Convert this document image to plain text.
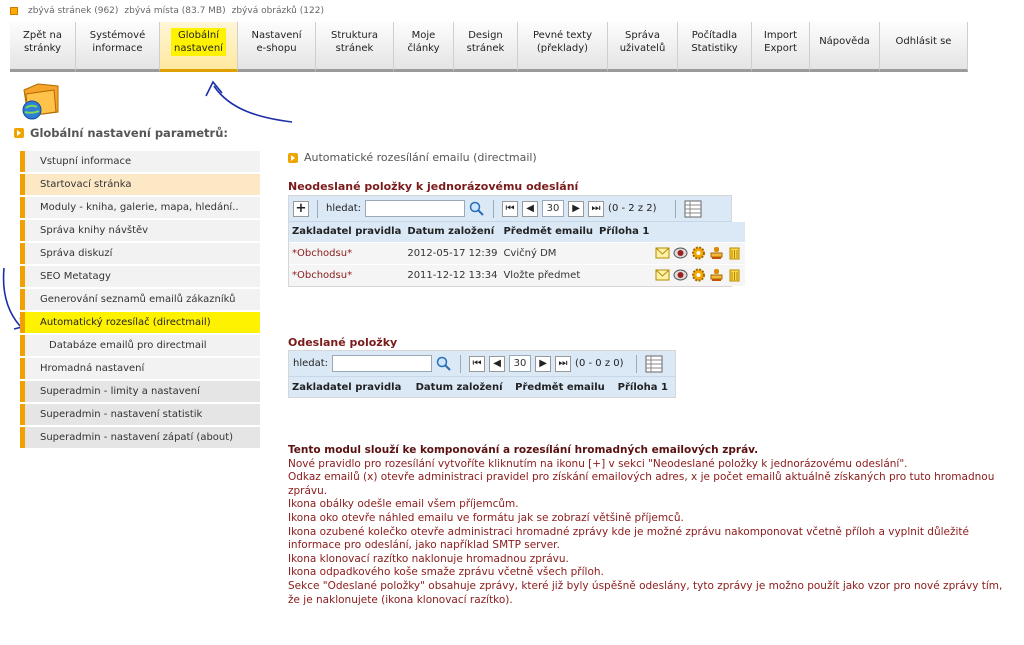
zbývá stránek (962) zbývá místa (83.7 MB) zbývá obrázků (122)
Zpět na
stránky
Systémové
informace
Globální
nastavení
Nastavení
e-shopu
Struktura
stránek
Moje
články
Design
stránek
Pevné texty
(překlady)
Správa
uživatelů
Počítadla
Statistiky
Import
Export
Nápověda	Odhlásit se
Globální nastavení parametrů:
Vstupní informace
Startovací stránka
Moduly - kniha, galerie, mapa, hledání..
Správa knihy návštěv
Správa diskuzí
SEO Metatagy
Generování seznamů emailů zákazníků
Automatický rozesílač (directmail)
Databáze emailů pro directmail
Hromadná nastavení
Superadmin - limity a nastavení
Superadmin - nastavení statistik
Superadmin - nastavení zápatí (about)
Automatické rozesílání emailu (directmail)
Neodeslané položky k jednorázovému odeslání
+ hledat:	⏮	◀	30	▶	⏭ (0 - 2 z 2)
Zakladatel pravidla	Datum založení	Předmět emailu	Příloha 1	
*Obchodsu*	2012-05-17 12:39	Cvičný DM		

*Obchodsu*	2011-12-12 13:34	Vložte předmet		
Odeslané položky
hledat:	⏮	◀	30	▶	⏭ (0 - 0 z 0)
Zakladatel pravidla	Datum založení	Předmět emailu	Příloha 1
Tento modul slouží ke komponování a rozesílání hromadných emailových zpráv.
Nové pravidlo pro rozesílání vytvoříte kliknutím na ikonu [+] v sekci "Neodeslané položky k jednorázovému odeslání".
Odkaz emailů (x) otevře administraci pravidel pro získání emailových adres, x je počet emailů aktuálně získaných pro tuto hromadnou zprávu.
Ikona obálky odešle email všem příjemcům.
Ikona oko otevře náhled emailu ve formátu jak se zobrazí většině příjemců.
Ikona ozubené kolečko otevře administraci hromadné zprávy kde je možné zprávu nakomponovat včetně příloh a vyplnit důležité informace pro odeslání, jako například SMTP server.
Ikona klonovací razítko naklonuje hromadnou zprávu.
Ikona odpadkového koše smaže zprávu včetně všech příloh.
Sekce "Odeslané položky" obsahuje zprávy, které již byly úspěšně odeslány, tyto zprávy je možno použít jako vzor pro nové zprávy tím, že je naklonujete (ikona klonovací razítko).
